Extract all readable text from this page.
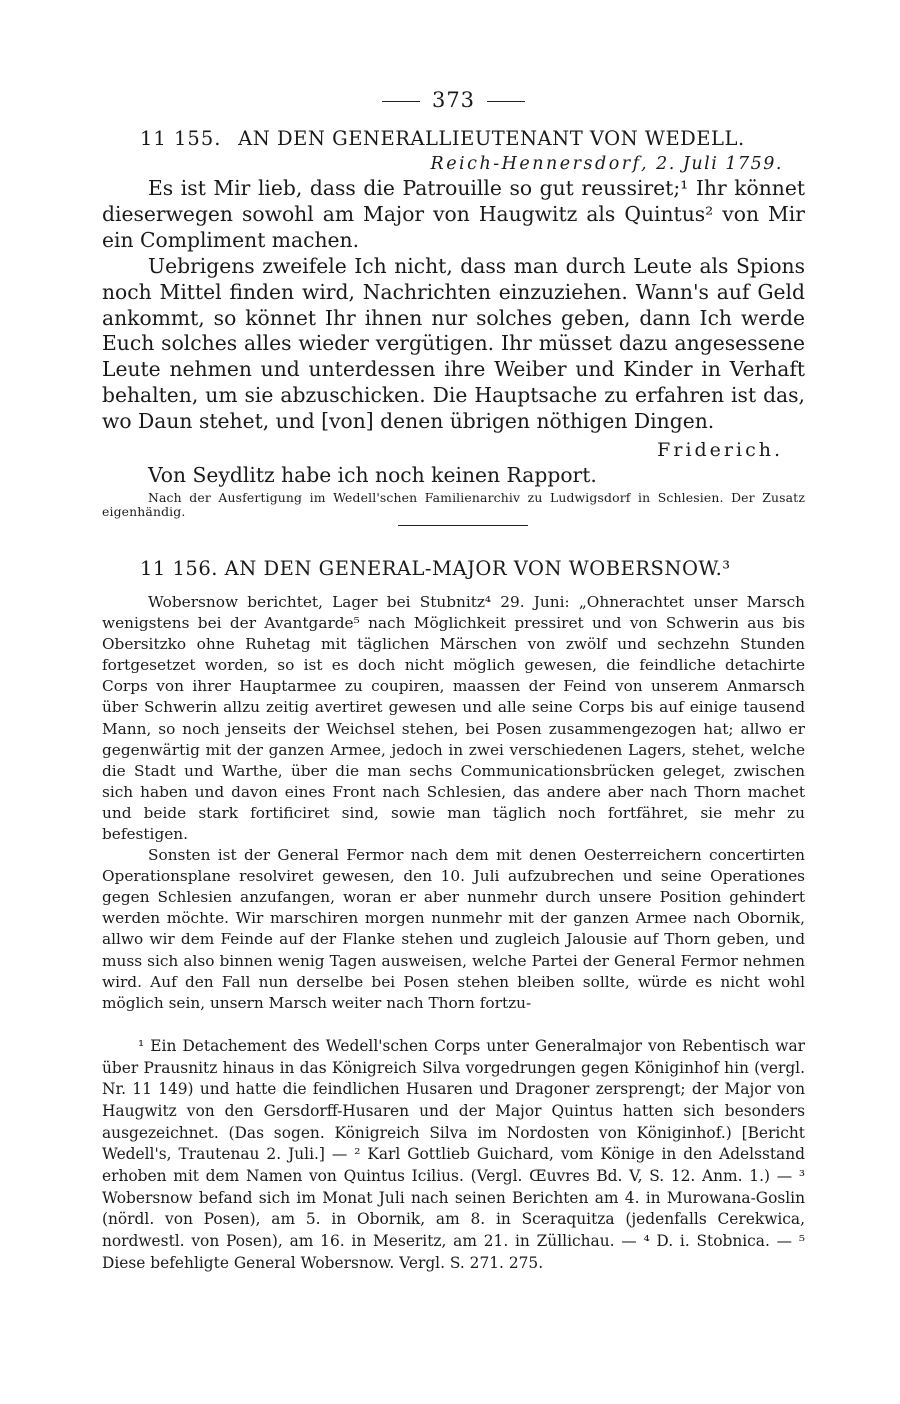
373
11 155. AN DEN GENERALLIEUTENANT VON WEDELL.
Reich-Hennersdorf, 2. Juli 1759.

Es ist Mir lieb, dass die Patrouille so gut reussiret;¹ Ihr könnet dieserwegen sowohl am Major von Haugwitz als Quintus² von Mir ein Compliment machen.

Uebrigens zweifele Ich nicht, dass man durch Leute als Spions noch Mittel finden wird, Nachrichten einzuziehen. Wann's auf Geld ankommt, so könnet Ihr ihnen nur solches geben, dann Ich werde Euch solches alles wieder vergütigen. Ihr müsset dazu angesessene Leute nehmen und unterdessen ihre Weiber und Kinder in Verhaft behalten, um sie abzuschicken. Die Hauptsache zu erfahren ist das, wo Daun stehet, und [von] denen übrigen nöthigen Dingen.

Friderich.

Von Seydlitz habe ich noch keinen Rapport.

Nach der Ausfertigung im Wedell'schen Familienarchiv zu Ludwigsdorf in Schlesien. Der Zusatz eigenhändig.

11 156. AN DEN GENERAL-MAJOR VON WOBERSNOW.³

Wobersnow berichtet, Lager bei Stubnitz⁴ 29. Juni: „Ohnerachtet unser Marsch wenigstens bei der Avantgarde⁵ nach Möglichkeit pressiret und von Schwerin aus bis Obersitzko ohne Ruhetag mit täglichen Märschen von zwölf und sechzehn Stunden fortgesetzet worden, so ist es doch nicht möglich gewesen, die feindliche detachirte Corps von ihrer Hauptarmee zu coupiren, maassen der Feind von unserem Anmarsch über Schwerin allzu zeitig avertiret gewesen und alle seine Corps bis auf einige tausend Mann, so noch jenseits der Weichsel stehen, bei Posen zusammengezogen hat; allwo er gegenwärtig mit der ganzen Armee, jedoch in zwei verschiedenen Lagers, stehet, welche die Stadt und Warthe, über die man sechs Communicationsbrücken geleget, zwischen sich haben und davon eines Front nach Schlesien, das andere aber nach Thorn machet und beide stark fortificiret sind, sowie man täglich noch fortfähret, sie mehr zu befestigen.

Sonsten ist der General Fermor nach dem mit denen Oesterreichern concertirten Operationsplane resolviret gewesen, den 10. Juli aufzubrechen und seine Operationes gegen Schlesien anzufangen, woran er aber nunmehr durch unsere Position gehindert werden möchte. Wir marschiren morgen nunmehr mit der ganzen Armee nach Obornik, allwo wir dem Feinde auf der Flanke stehen und zugleich Jalousie auf Thorn geben, und muss sich also binnen wenig Tagen ausweisen, welche Partei der General Fermor nehmen wird. Auf den Fall nun derselbe bei Posen stehen bleiben sollte, würde es nicht wohl möglich sein, unsern Marsch weiter nach Thorn fortzu-

¹ Ein Detachement des Wedell'schen Corps unter Generalmajor von Rebentisch war über Prausnitz hinaus in das Königreich Silva vorgedrungen gegen Königinhof hin (vergl. Nr. 11 149) und hatte die feindlichen Husaren und Dragoner zersprengt; der Major von Haugwitz von den Gersdorff-Husaren und der Major Quintus hatten sich besonders ausgezeichnet. (Das sogen. Königreich Silva im Nordosten von Königinhof.) [Bericht Wedell's, Trautenau 2. Juli.] — ² Karl Gottlieb Guichard, vom Könige in den Adelsstand erhoben mit dem Namen von Quintus Icilius. (Vergl. Œuvres Bd. V, S. 12. Anm. 1.) — ³ Wobersnow befand sich im Monat Juli nach seinen Berichten am 4. in Murowana-Goslin (nördl. von Posen), am 5. in Obornik, am 8. in Sceraquitza (jedenfalls Cerekwica, nordwestl. von Posen), am 16. in Meseritz, am 21. in Züllichau. — ⁴ D. i. Stobnica. — ⁵ Diese befehligte General Wobersnow. Vergl. S. 271. 275.
